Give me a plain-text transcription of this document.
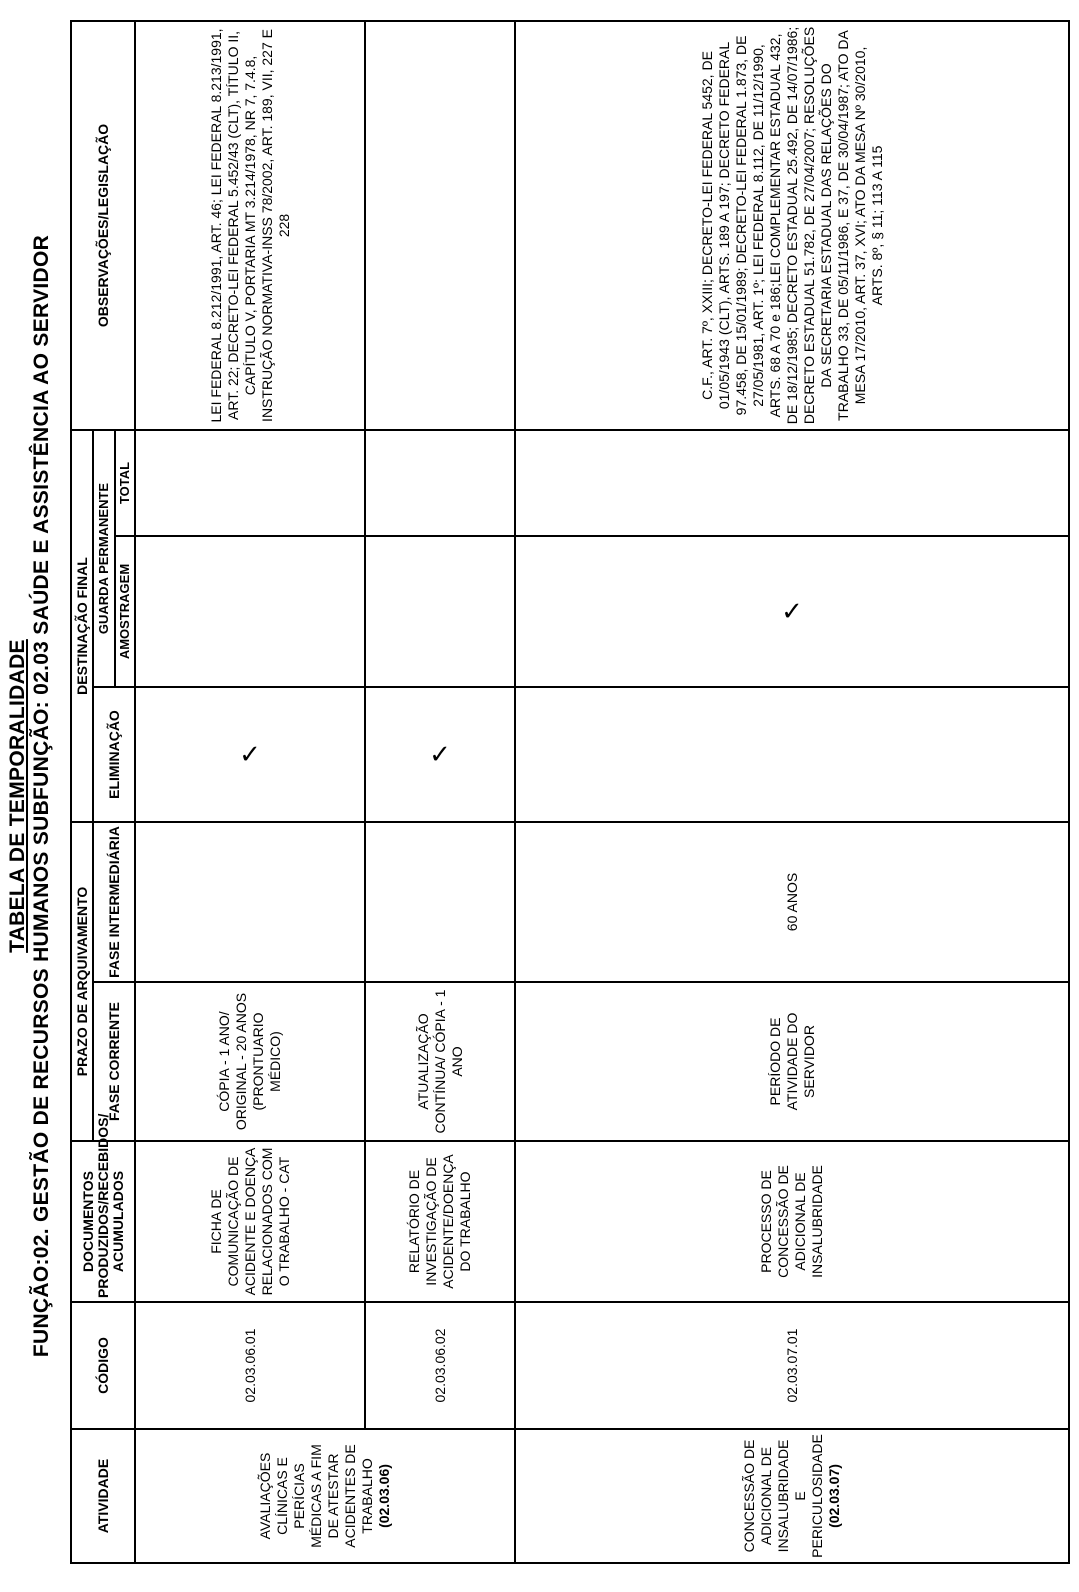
TABELA DE TEMPORALIDADE FUNÇÃO:02. GESTÃO DE RECURSOS HUMANOS SUBFUNÇÃO: 02.03 SAÚDE E ASSISTÊNCIA AO SERVIDOR
ATIVIDADE	CÓDIGO	DOCUMENTOS PRODUZIDOS/RECEBIDOS/ ACUMULADOS	PRAZO DE ARQUIVAMENTO		DESTINAÇÃO FINAL			OBSERVAÇÕES/LEGISLAÇÃO
			FASE CORRENTE	FASE INTERMEDIÁRIA	ELIMINAÇÃO	GUARDA PERMANENTE		
						AMOSTRAGEM	TOTAL	
AVALIAÇÕES CLÍNICAS E PERÍCIAS MÉDICAS A FIM DE ATESTAR ACIDENTES DE TRABALHO
(02.03.06)	02.03.06.01	FICHA DE COMUNICAÇÃO DE ACIDENTE E DOENÇA RELACIONADOS COM O TRABALHO - CAT	CÓPIA - 1 ANO/ ORIGINAL - 20 ANOS (PRONTUARIO MÉDICO)		✓			LEI FEDERAL 8.212/1991, ART. 46; LEI FEDERAL 8.213/1991, ART. 22; DECRETO-LEI FEDERAL 5.452/43 (CLT), TÍTULO II, CAPÍTULO V, PORTARIA MT 3.214/1978, NR 7, 7.4.8, INSTRUÇÃO NORMATIVA-INSS 78/2002, ART. 189, VII, 227 E 228
	02.03.06.02	RELATÓRIO DE INVESTIGAÇÃO DE ACIDENTE/DOENÇA DO TRABALHO	ATUALIZAÇÃO CONTÍNUA/ CÓPIA - 1 ANO		✓			
CONCESSÃO DE ADICIONAL DE INSALUBRIDADE E PERICULOSIDADE
(02.03.07)	02.03.07.01	PROCESSO DE CONCESSÃO DE ADICIONAL DE INSALUBRIDADE	PERÍODO DE ATIVIDADE DO SERVIDOR	60 ANOS		✓		C.F., ART. 7º, XXIII; DECRETO-LEI FEDERAL 5452, DE 01/05/1943 (CLT), ARTS. 189 A 197; DECRETO FEDERAL 97.458, DE 15/01/1989; DECRETO-LEI FEDERAL 1.873, DE 27/05/1981, ART. 1º; LEI FEDERAL 8.112, DE 11/12/1990, ARTS. 68 A 70 e 186;LEI COMPLEMENTAR ESTADUAL 432, DE 18/12/1985; DECRETO ESTADUAL 25.492, DE 14/07/1986; DECRETO ESTADUAL 51.782, DE 27/04/2007; RESOLUÇÕES DA SECRETARIA ESTADUAL DAS RELAÇÕES DO TRABALHO 33, DE 05/11/1986, E 37, DE 30/04/1987; ATO DA MESA 17/2010, ART. 37, XVI; ATO DA MESA Nº 30/2010, ARTS. 8º, § 11; 113 A 115
